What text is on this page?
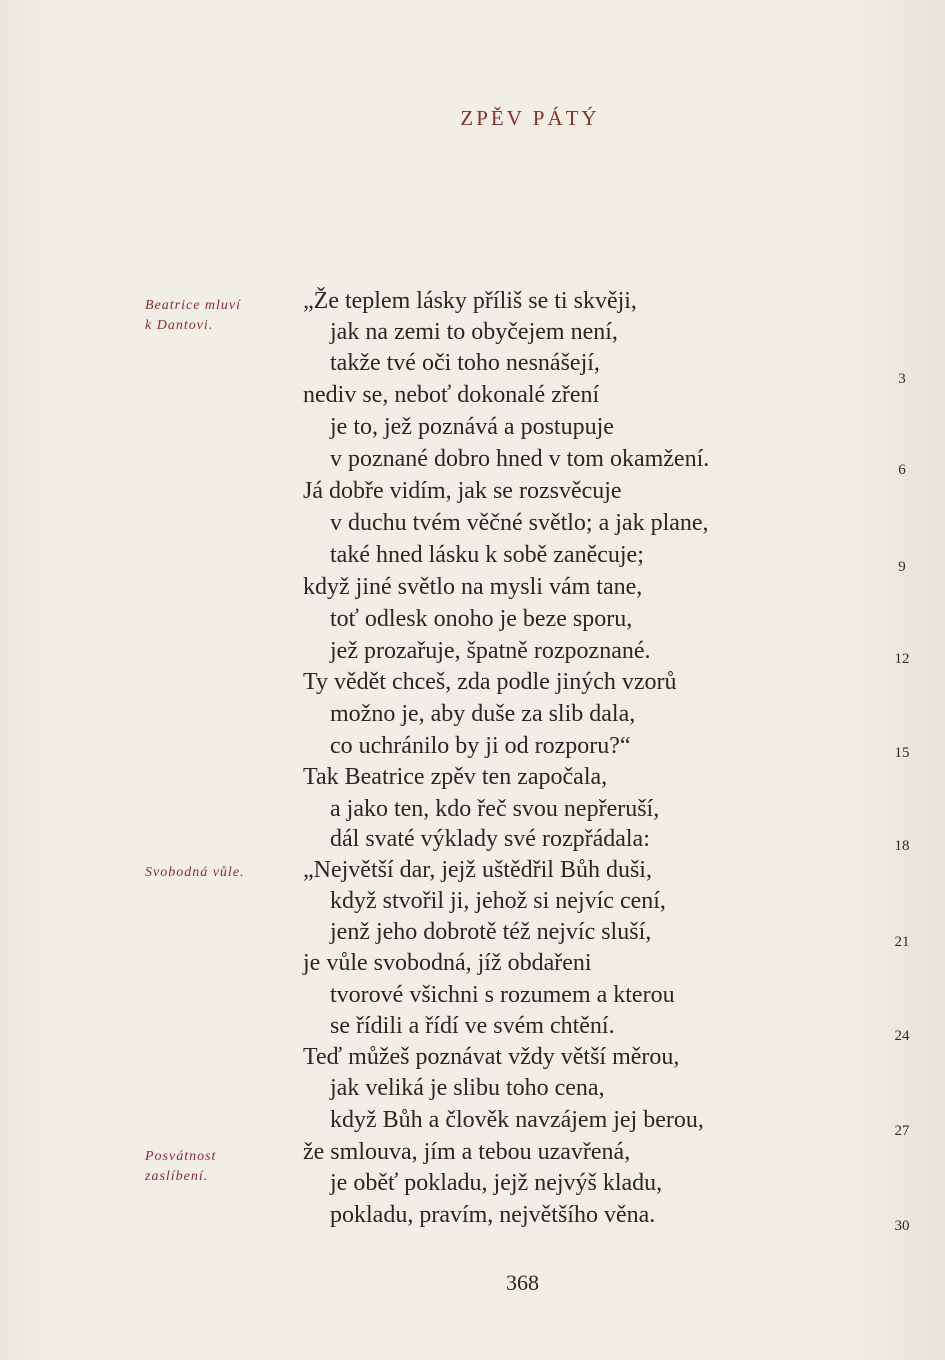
ZPĚV PÁTÝ
Beatrice mluví
k Dantovi.
Svobodná vůle.
Posvátnost
zaslíbení.
„Že teplem lásky příliš se ti skvěji,
jak na zemi to obyčejem není,
takže tvé oči toho nesnášejí,
nediv se, neboť dokonalé zření
je to, jež poznává a postupuje
v poznané dobro hned v tom okamžení.
Já dobře vidím, jak se rozsvěcuje
v duchu tvém věčné světlo; a jak plane,
také hned lásku k sobě zaněcuje;
když jiné světlo na mysli vám tane,
toť odlesk onoho je beze sporu,
jež prozařuje, špatně rozpoznané.
Ty vědět chceš, zda podle jiných vzorů
možno je, aby duše za slib dala,
co uchránilo by ji od rozporu?“
Tak Beatrice zpěv ten započala,
a jako ten, kdo řeč svou nepřeruší,
dál svaté výklady své rozpřádala:
„Největší dar, jejž uštědřil Bůh duši,
když stvořil ji, jehož si nejvíc cení,
jenž jeho dobrotě též nejvíc sluší,
je vůle svobodná, jíž obdařeni
tvorové všichni s rozumem a kterou
se řídili a řídí ve svém chtění.
Teď můžeš poznávat vždy větší měrou,
jak veliká je slibu toho cena,
když Bůh a člověk navzájem jej berou,
že smlouva, jím a tebou uzavřená,
je oběť pokladu, jejž nejvýš kladu,
pokladu, pravím, největšího věna.
3
6
9
12
15
18
21
24
27
30
368
